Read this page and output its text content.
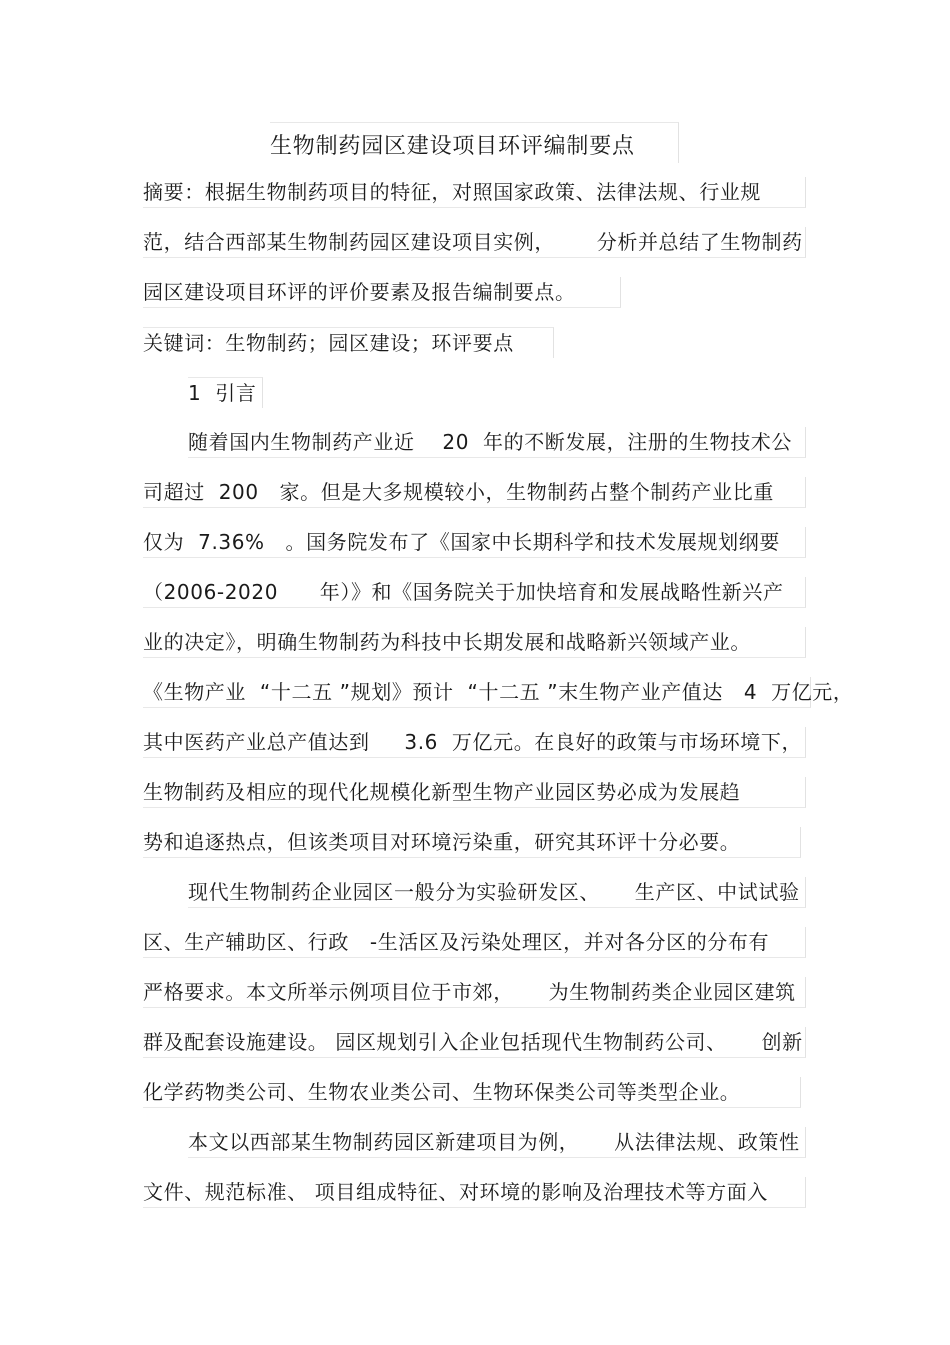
生物制药园区建设项目环评编制要点
摘要：根据生物制药项目的特征，对照国家政策、法律法规、行业规
范，结合西部某生物制药园区建设项目实例，      分析并总结了生物制药
园区建设项目环评的评价要素及报告编制要点。
关键词：生物制药；园区建设；环评要点
1  引言
随着国内生物制药产业近    20  年的不断发展，注册的生物技术公
司超过  200   家。但是大多规模较小，生物制药占整个制药产业比重
仅为  7.36%   。国务院发布了《国家中长期科学和技术发展规划纲要
（2006-2020      年）》和《国务院关于加快培育和发展战略性新兴产
业的决定》，明确生物制药为科技中长期发展和战略新兴领域产业。
《生物产业  “十二五 ”规划》预计  “十二五 ”末生物产业产值达   4  万亿元，
其中医药产业总产值达到     3.6  万亿元。在良好的政策与市场环境下，
生物制药及相应的现代化规模化新型生物产业园区势必成为发展趋
势和追逐热点，但该类项目对环境污染重，研究其环评十分必要。
现代生物制药企业园区一般分为实验研发区、     生产区、中试试验
区、生产辅助区、行政   -生活区及污染处理区，并对各分区的分布有
严格要求。本文所举示例项目位于市郊，     为生物制药类企业园区建筑
群及配套设施建设。 园区规划引入企业包括现代生物制药公司、     创新
化学药物类公司、生物农业类公司、生物环保类公司等类型企业。
本文以西部某生物制药园区新建项目为例，     从法律法规、政策性
文件、规范标准、 项目组成特征、对环境的影响及治理技术等方面入
